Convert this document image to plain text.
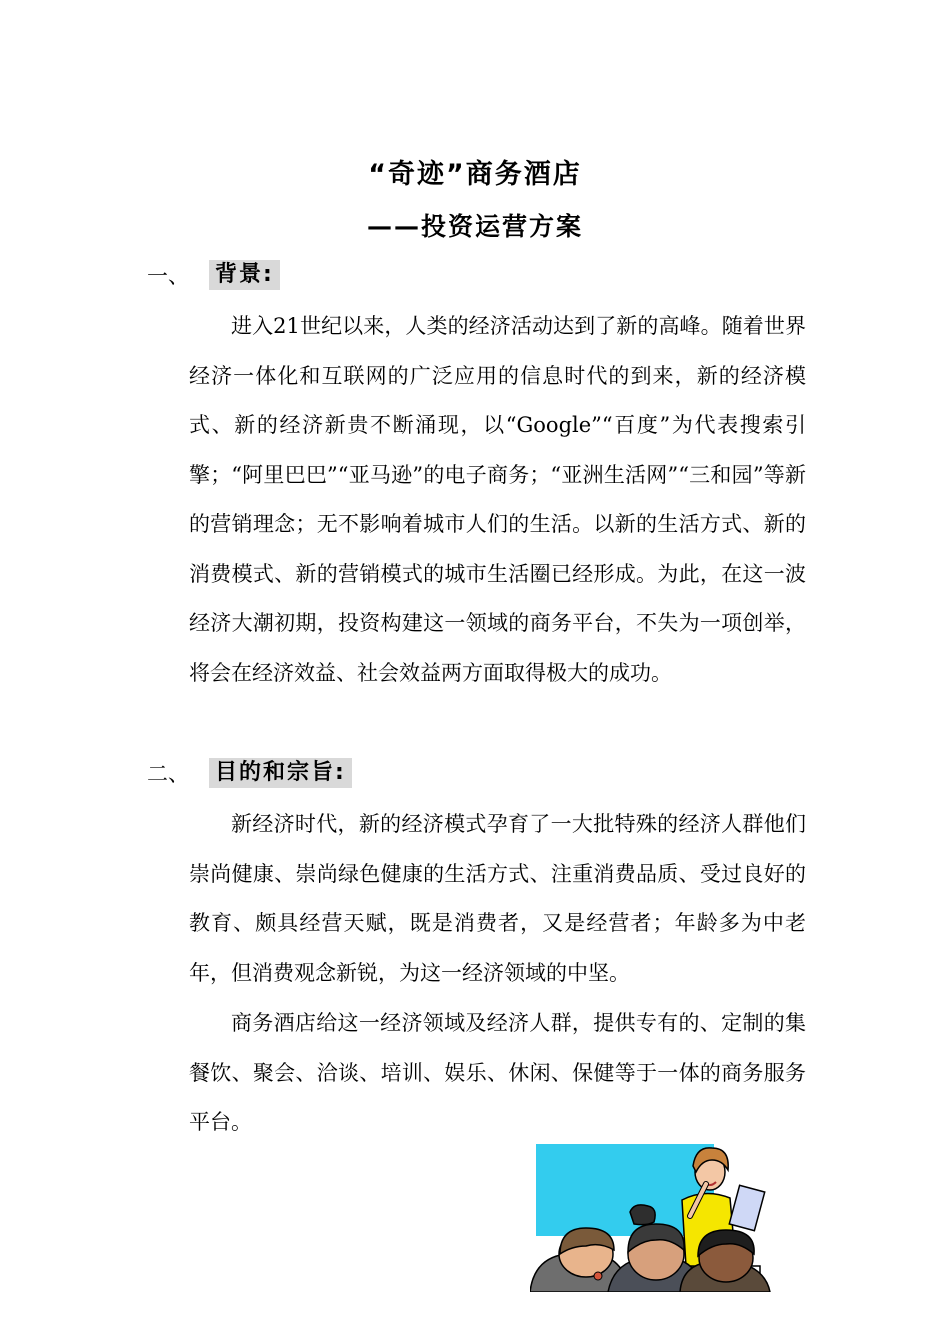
“奇迹”商务酒店
——投资运营方案
一、	背景:

进入21世纪以来，人类的经济活动达到了新的高峰。随着世界经济一体化和互联网的广泛应用的信息时代的到来，新的经济模式、新的经济新贵不断涌现，以“Google”“百度”为代表搜索引擎；“阿里巴巴”“亚马逊”的电子商务；“亚洲生活网”“三和园”等新的营销理念；无不影响着城市人们的生活。以新的生活方式、新的消费模式、新的营销模式的城市生活圈已经形成。为此，在这一波经济大潮初期，投资构建这一领域的商务平台，不失为一项创举，将会在经济效益、社会效益两方面取得极大的成功。

二、	目的和宗旨:

新经济时代，新的经济模式孕育了一大批特殊的经济人群他们崇尚健康、崇尚绿色健康的生活方式、注重消费品质、受过良好的教育、颇具经营天赋，既是消费者，又是经营者；年龄多为中老年，但消费观念新锐，为这一经济领域的中坚。

商务酒店给这一经济领域及经济人群，提供专有的、定制的集餐饮、聚会、洽谈、培训、娱乐、休闲、保健等于一体的商务服务平台。
